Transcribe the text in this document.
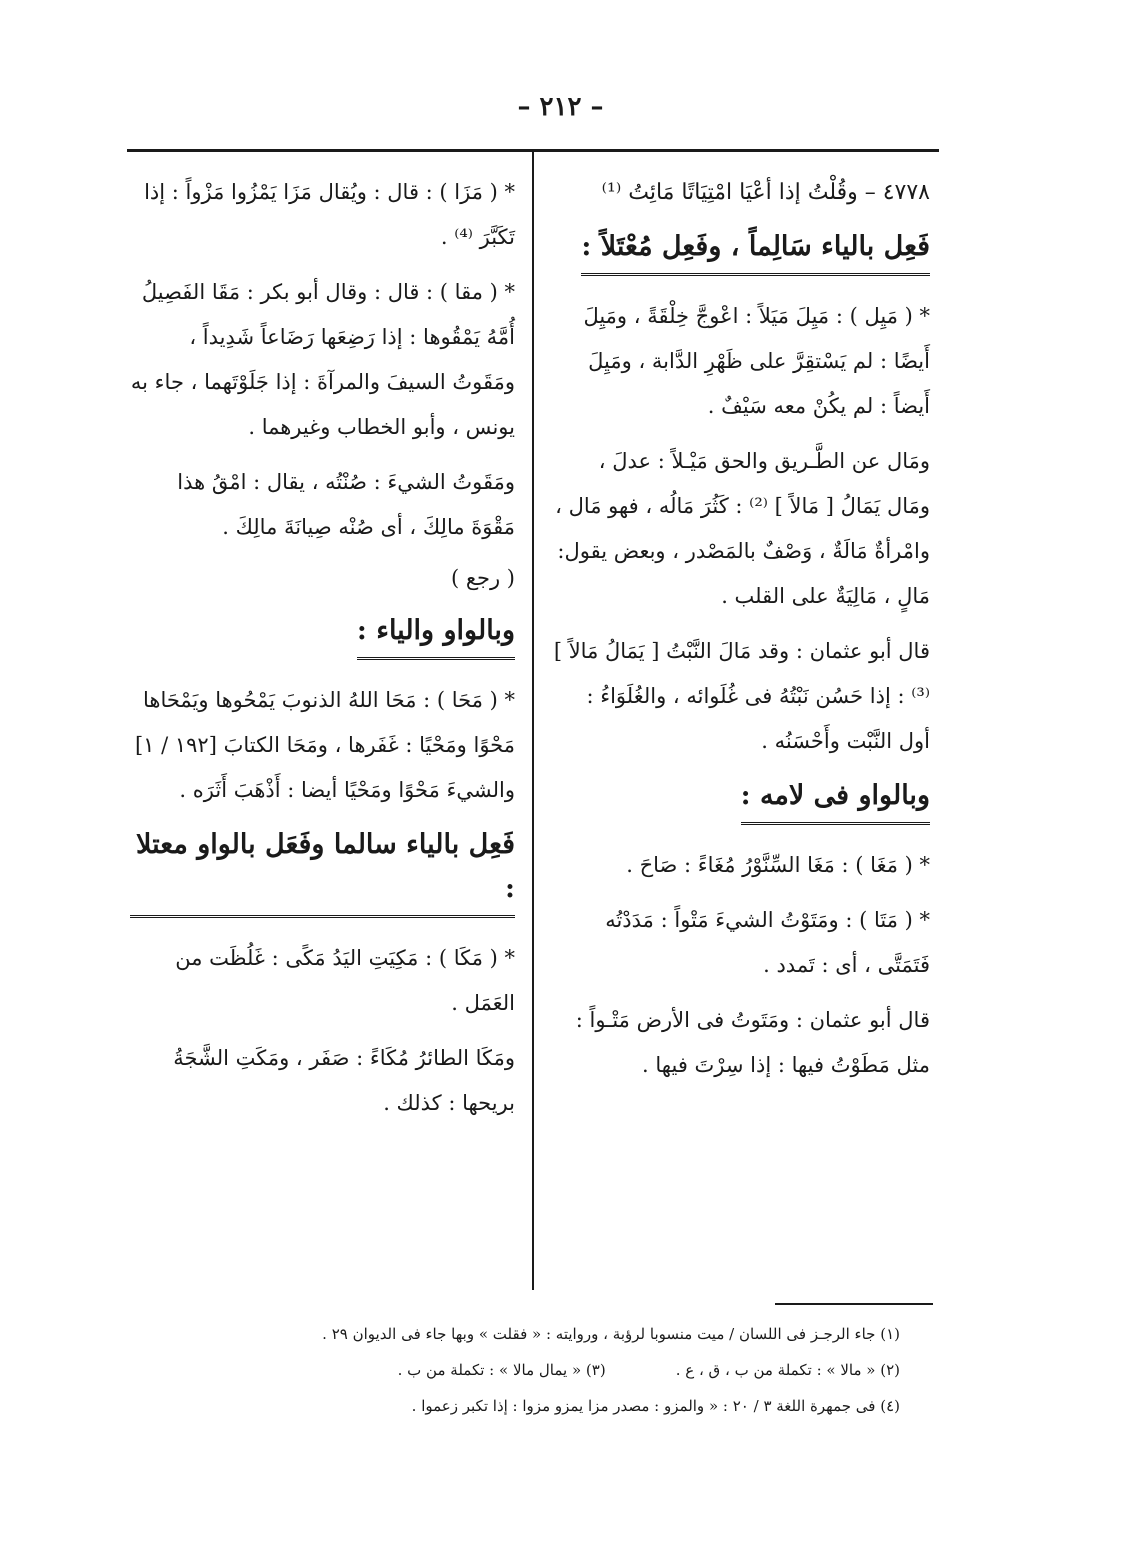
– ٢١٢ –
٤٧٧٨ – وقُلْتُ إذا أعْيَا امْتِيَاتًا مَائِتُ ⁽¹⁾
فَعِل بالياء سَالِماً ، وفَعِل مُعْتَلاً :
* ( مَيِل ) : مَيِلَ مَيَلاً : اعْوجَّ خِلْقَةً ، ومَيِلَ أَيضًا : لم يَسْتقِرَّ على ظَهْرِ الدَّابة ، ومَيِلَ أَيضاً : لم يكُنْ معه سَيْفٌ .
ومَال عن الطَّـريق والحق مَيْـلاً : عدلَ ، ومَال يَمَالُ [ مَالاً ] ⁽²⁾ : كَثُرَ مَالُه ، فهو مَال ، وامْرأةٌ مَالَةٌ ، وَصْفٌ بالمَصْدر ، وبعض يقول: مَالٍ ، مَالِيَةٌ على القلب .
قال أبو عثمان : وقد مَالَ النَّبْتُ [ يَمَالُ مَالاً ] ⁽³⁾ : إذا حَسُن نَبْتُهُ فى غُلَوائه ، والغُلَوَاءُ : أول النَّبْت وأَحْسَنُه .
وبالواو فى لامه :
* ( مَغَا ) : مَغَا السِّنَّوْرُ مُغَاءً : صَاحَ .
* ( مَتَا ) : ومَتَوْتُ الشيءَ مَتْواً : مَدَدْتُه فَتَمَتَّى ، أى : تَمدد .
قال أبو عثمان : ومَتَوتُ فى الأرض مَتْـواً : مثل مَطَوْتُ فيها : إذا سِرْتَ فيها .
* ( مَزَا ) : قال : ويُقال مَزَا يَمْزُوا مَزْواً : إذا تَكَبَّرَ ⁽⁴⁾ .
* ( مقا ) : قال : وقال أبو بكر : مَقَا الفَصِيلُ أُمَّهُ يَمْقُوها : إذا رَضِعَها رَضَاعاً شَدِيداً ، ومَقَوتُ السيفَ والمرآةَ : إذا جَلَوْتَهما ، جاء به يونس ، وأبو الخطاب وغيرهما .
ومَقَوتُ الشيءَ : صُنْتُه ، يقال : امْقُ هذا مَقْوَةَ مالِكَ ، أى صُنْه صِيانَةَ مالِكَ .
( رجع )
وبالواو والياء :
* ( مَحَا ) : مَحَا اللهُ الذنوبَ يَمْحُوها ويَمْحَاها مَحْوًا ومَحْيًا : غَفَرها ، ومَحَا الكتابَ [١٩٢ / ١] والشيءَ مَحْوًا ومَحْيًا أيضا : أَذْهَبَ أَثَرَه .
فَعِل بالياء سالما وفَعَل بالواو معتلا :
* ( مَكَا ) : مَكِيَتِ اليَدُ مَكًى : غَلُظَت من العَمَل .
ومَكَا الطائرُ مُكَاءً : صَفَر ، ومَكَتِ الشَّجَةُ بريحها : كذلك .
(١) جاء الرجـز فى اللسان / ميت منسوبا لرؤبة ، وروايته : « فقلت » وبها جاء فى الديوان ٢٩ .
(٢) « مالا » : تكملة من ب ، ق ، ع .
(٣) « يمال مالا » : تكملة من ب .
(٤) فى جمهرة اللغة ٣ / ٢٠ : « والمزو : مصدر مزا يمزو مزوا : إذا تكبر زعموا .
